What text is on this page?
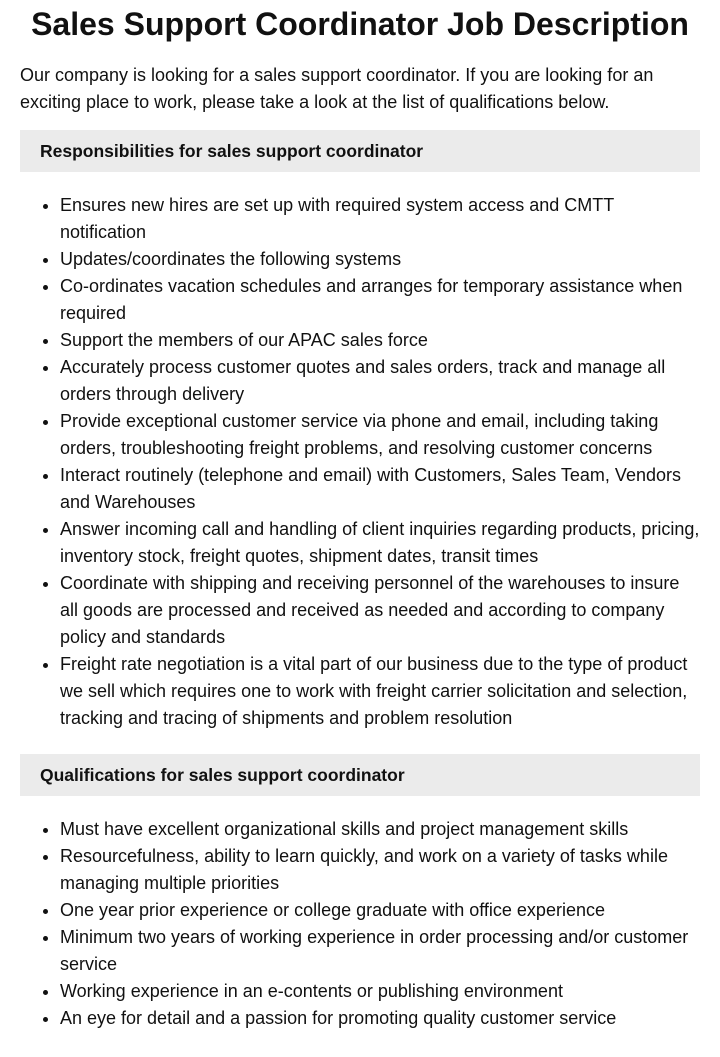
Sales Support Coordinator Job Description

Our company is looking for a sales support coordinator. If you are looking for an exciting place to work, please take a look at the list of qualifications below.

Responsibilities for sales support coordinator
• Ensures new hires are set up with required system access and CMTT notification
• Updates/coordinates the following systems
• Co-ordinates vacation schedules and arranges for temporary assistance when required
• Support the members of our APAC sales force
• Accurately process customer quotes and sales orders, track and manage all orders through delivery
• Provide exceptional customer service via phone and email, including taking orders, troubleshooting freight problems, and resolving customer concerns
• Interact routinely (telephone and email) with Customers, Sales Team, Vendors and Warehouses
• Answer incoming call and handling of client inquiries regarding products, pricing, inventory stock, freight quotes, shipment dates, transit times
• Coordinate with shipping and receiving personnel of the warehouses to insure all goods are processed and received as needed and according to company policy and standards
• Freight rate negotiation is a vital part of our business due to the type of product we sell which requires one to work with freight carrier solicitation and selection, tracking and tracing of shipments and problem resolution
Qualifications for sales support coordinator
• Must have excellent organizational skills and project management skills
• Resourcefulness, ability to learn quickly, and work on a variety of tasks while managing multiple priorities
• One year prior experience or college graduate with office experience
• Minimum two years of working experience in order processing and/or customer service
• Working experience in an e-contents or publishing environment
• An eye for detail and a passion for promoting quality customer service
